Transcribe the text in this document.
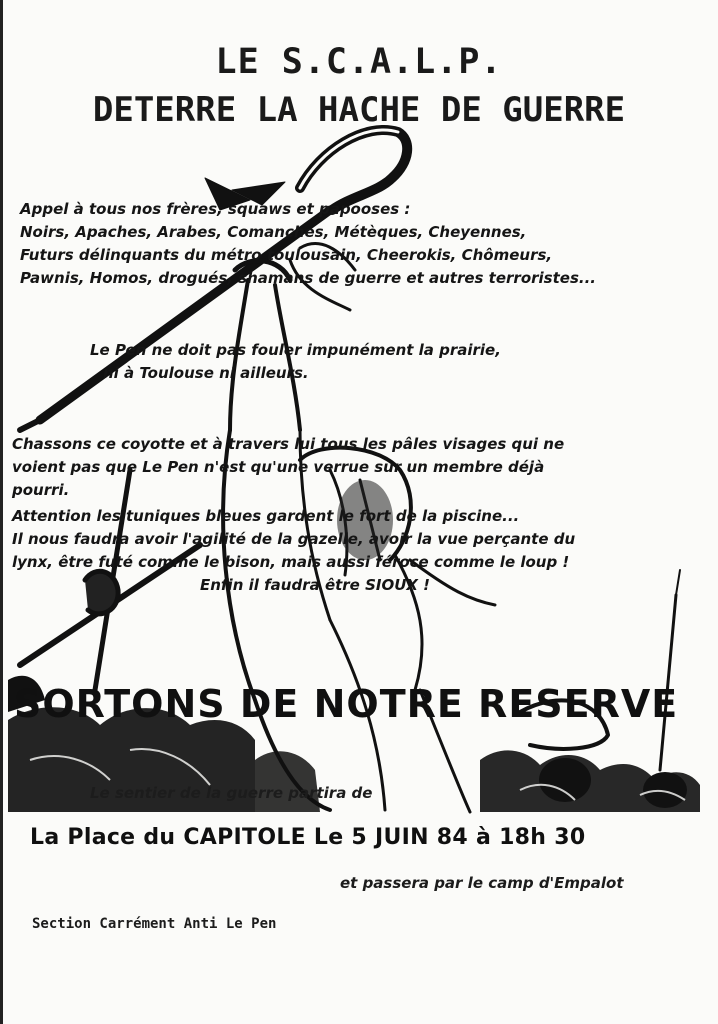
LE S.C.A.L.P.
DETERRE LA HACHE DE GUERRE

Appel à tous nos frères, squaws et papooses :

Noirs, Apaches, Arabes, Comanches, Métèques, Cheyennes,

Futurs délinquants du métro toulousain, Cheerokis, Chômeurs,

Pawnis, Homos, drogués, shamans de guerre et autres terroristes...

Le Pen ne doit pas fouler impunément la prairie,

ni à Toulouse ni ailleurs.

Chassons ce coyotte et à travers lui tous les pâles visages qui ne

voient pas que Le Pen n'est qu'une verrue sur un membre déjà

pourri.

Attention les tuniques bleues gardent le fort de la piscine...

Il nous faudra avoir l'agilité de la gazelle, avoir la vue perçante du

lynx, être futé comme le bison, mais aussi féroce comme le loup !

Enfin il faudra être SIOUX !

SORTONS DE NOTRE RESERVE

Le sentier de la guerre partira de

La Place du CAPITOLE Le 5 JUIN 84 à 18h 30

et passera par le camp d'Empalot

Section Carrément Anti Le Pen
